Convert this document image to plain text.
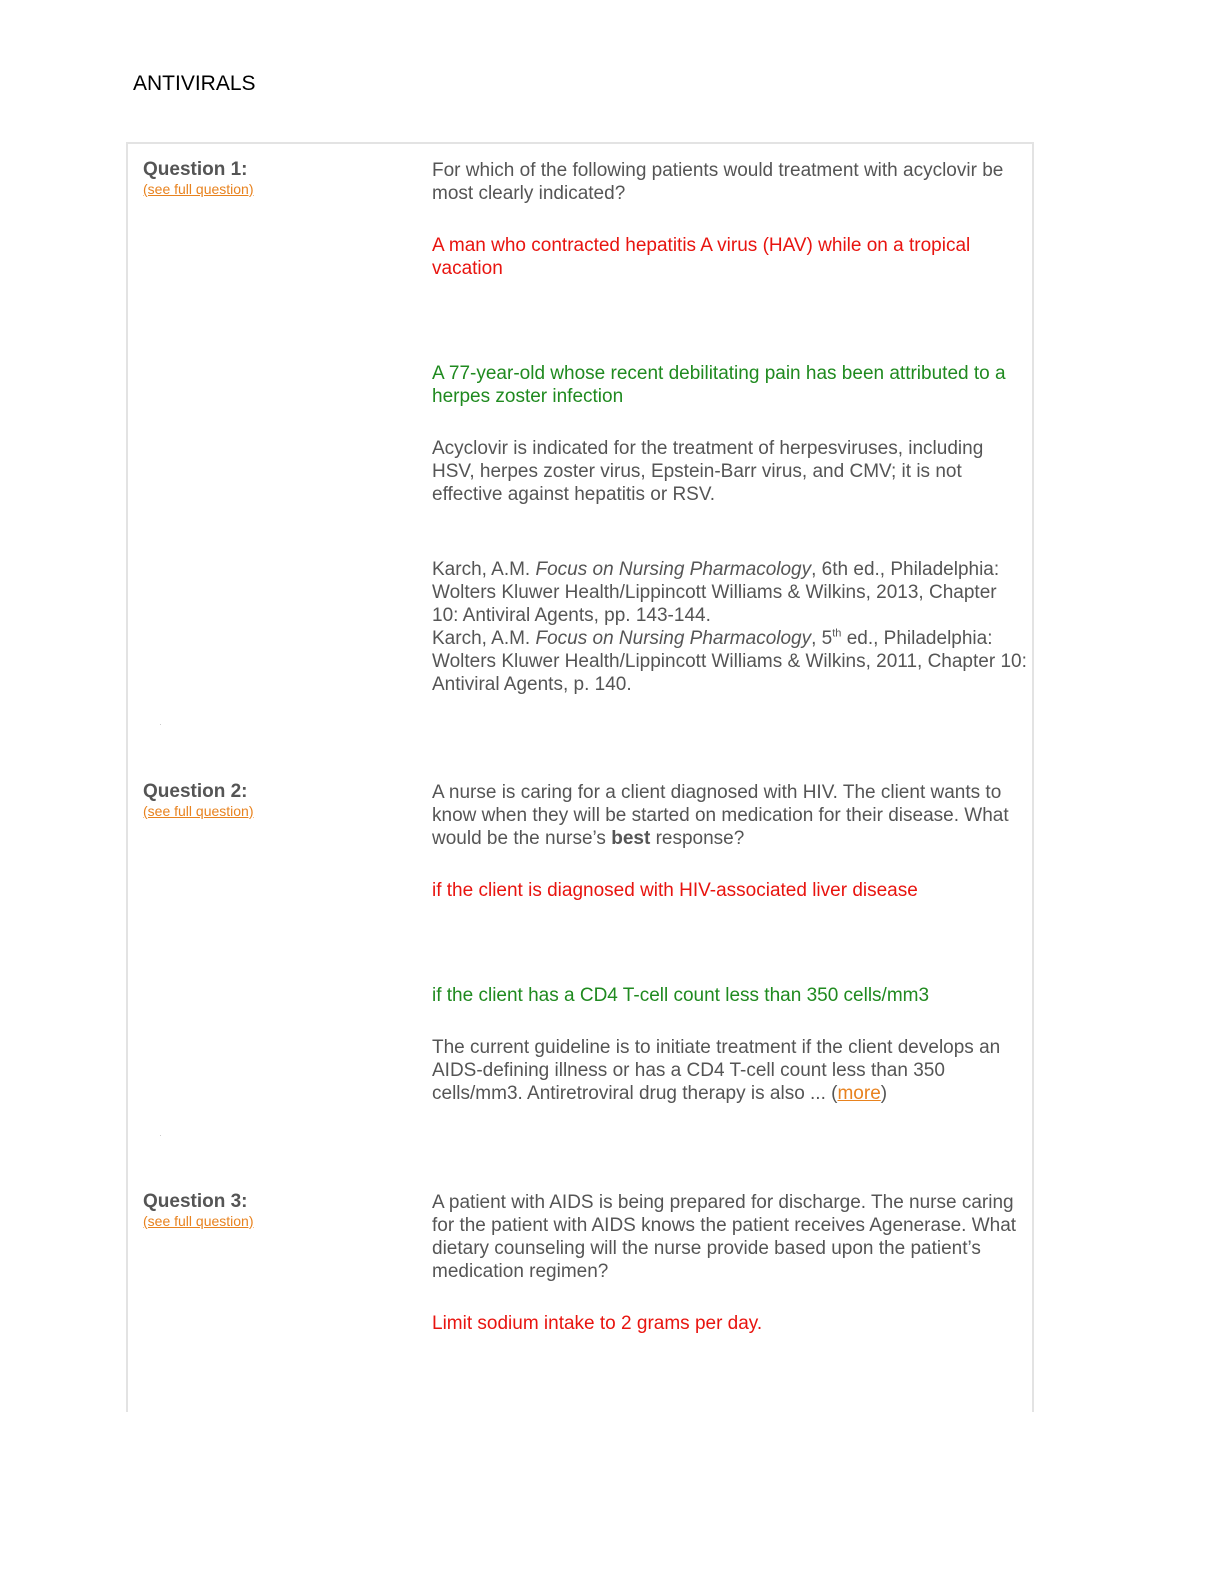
ANTIVIRALS
Question 1:
(see full question)
For which of the following patients would treatment with acyclovir be most clearly indicated?
A man who contracted hepatitis A virus (HAV) while on a tropical vacation
A 77-year-old whose recent debilitating pain has been attributed to a herpes zoster infection
Acyclovir is indicated for the treatment of herpesviruses, including HSV, herpes zoster virus, Epstein-Barr virus, and CMV; it is not effective against hepatitis or RSV.
Karch, A.M. Focus on Nursing Pharmacology, 6th ed., Philadelphia: Wolters Kluwer Health/Lippincott Williams & Wilkins, 2013, Chapter 10: Antiviral Agents, pp. 143-144.
Karch, A.M. Focus on Nursing Pharmacology, 5th ed., Philadelphia: Wolters Kluwer Health/Lippincott Williams & Wilkins, 2011, Chapter 10: Antiviral Agents, p. 140.
Question 2:
(see full question)
A nurse is caring for a client diagnosed with HIV. The client wants to know when they will be started on medication for their disease. What would be the nurse’s best response?
if the client is diagnosed with HIV-associated liver disease
if the client has a CD4 T-cell count less than 350 cells/mm3
The current guideline is to initiate treatment if the client develops an AIDS-defining illness or has a CD4 T-cell count less than 350 cells/mm3. Antiretroviral drug therapy is also ... (more)
Question 3:
(see full question)
A patient with AIDS is being prepared for discharge. The nurse caring for the patient with AIDS knows the patient receives Agenerase. What dietary counseling will the nurse provide based upon the patient’s medication regimen?
Limit sodium intake to 2 grams per day.
